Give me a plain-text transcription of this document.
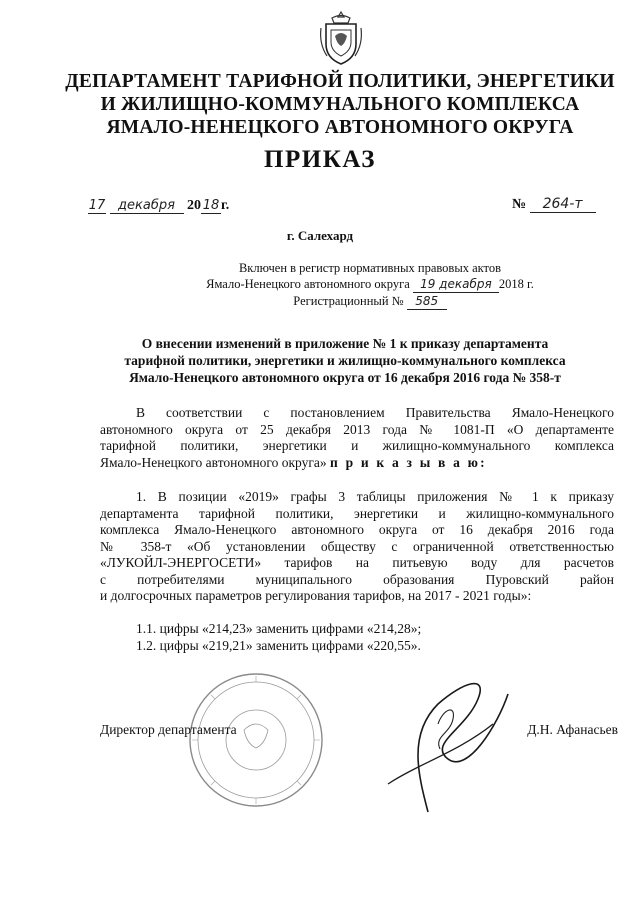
ДЕПАРТАМЕНТ ТАРИФНОЙ ПОЛИТИКИ, ЭНЕРГЕТИКИ
И ЖИЛИЩНО-КОММУНАЛЬНОГО КОМПЛЕКСА
ЯМАЛО-НЕНЕЦКОГО АВТОНОМНОГО ОКРУГА
ПРИКАЗ
17 декабря 20 18 г.	№ 264-т
г. Салехард
Включен в регистр нормативных правовых актов
Ямало-Ненецкого автономного округа 19 декабря 2018 г.
Регистрационный № 585
О внесении изменений в приложение № 1 к приказу департамента
тарифной политики, энергетики и жилищно-коммунального комплекса
Ямало-Ненецкого автономного округа от 16 декабря 2016 года № 358-т
В соответствии с постановлением Правительства Ямало-Ненецкого
автономного округа от 25 декабря 2013 года № 1081-П «О департаменте
тарифной политики, энергетики и жилищно-коммунального комплекса
Ямало-Ненецкого автономного округа» п р и к а з ы в а ю:
1. В позиции «2019» графы 3 таблицы приложения № 1 к приказу
департамента тарифной политики, энергетики и жилищно-коммунального
комплекса Ямало-Ненецкого автономного округа от 16 декабря 2016 года
№ 358-т «Об установлении обществу с ограниченной ответственностью
«ЛУКОЙЛ-ЭНЕРГОСЕТИ» тарифов на питьевую воду для расчетов
с потребителями муниципального образования Пуровский район
и долгосрочных параметров регулирования тарифов, на 2017 - 2021 годы»:
1.1. цифры «214,23» заменить цифрами «214,28»;
1.2. цифры «219,21» заменить цифрами «220,55».
Директор департамента	Д.Н. Афанасьев
